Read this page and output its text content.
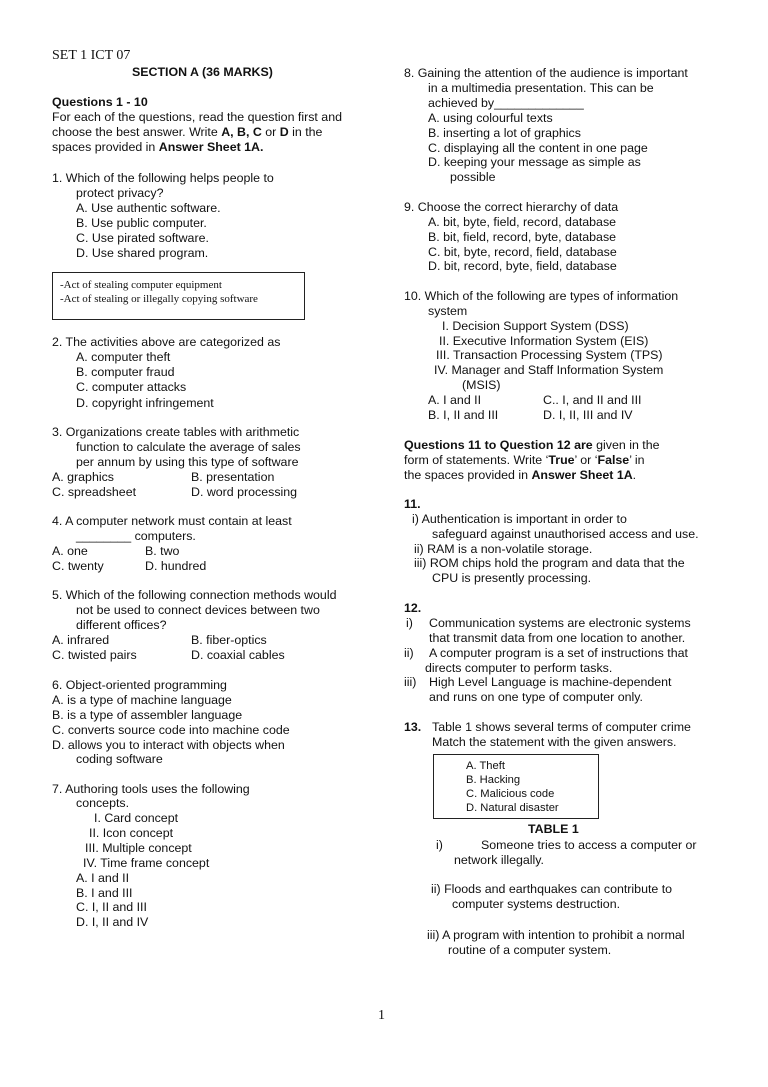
SET 1 ICT 07
SECTION A (36 MARKS)
Questions 1 - 10
For each of the questions, read the question first and
choose the best answer. Write A, B, C or D in the
spaces provided in Answer Sheet 1A.
1. Which of the following helps people to
protect privacy?
A. Use authentic software.
B. Use public computer.
C. Use pirated software.
D. Use shared program.
-Act of stealing computer equipment
-Act of stealing or illegally copying software
2. The activities above are categorized as
A. computer theft
B. computer fraud
C. computer attacks
D. copyright infringement
3. Organizations create tables with arithmetic
function to calculate the average of sales
per annum by using this type of software
A. graphics	B. presentation
C. spreadsheet	D. word processing
4. A computer network must contain at least
________ computers.
A. one	B. two
C. twenty	D. hundred
5. Which of the following connection methods would
not be used to connect devices between two
different offices?
A. infrared	B. fiber-optics
C. twisted pairs	D. coaxial cables
6. Object-oriented programming
A. is a type of machine language
B. is a type of assembler language
C. converts source code into machine code
D. allows you to interact with objects when
coding software
7. Authoring tools uses the following
concepts.
I. Card concept
II. Icon concept
III. Multiple concept
IV. Time frame concept
A. I and II
B. I and III
C. I, II and III
D. I, II and IV
8. Gaining the attention of the audience is important
in a multimedia presentation. This can be
achieved by_____________
A. using colourful texts
B. inserting a lot of graphics
C. displaying all the content in one page
D. keeping your message as simple as
possible
9. Choose the correct hierarchy of data
A. bit, byte, field, record, database
B. bit, field, record, byte, database
C. bit, byte, record, field, database
D. bit, record, byte, field, database
10. Which of the following are types of information
system
I. Decision Support System (DSS)
II. Executive Information System (EIS)
III. Transaction Processing System (TPS)
IV. Manager and Staff Information System
(MSIS)
A. I and II	C.. I, and II and III
B. I, II and III	D. I, II, III and IV
Questions 11 to Question 12 are given in the
form of statements. Write ‘True’ or ‘False’ in
the spaces provided in Answer Sheet 1A.
11.
i) Authentication is important in order to
safeguard against unauthorised access and use.
ii) RAM is a non-volatile storage.
iii) ROM chips hold the program and data that the
CPU is presently processing.
12.
i) Communication systems are electronic systems
that transmit data from one location to another.
ii) A computer program is a set of instructions that
directs computer to perform tasks.
iii) High Level Language is machine-dependent
and runs on one type of computer only.
13. Table 1 shows several terms of computer crime
Match the statement with the given answers.
A. Theft
B. Hacking
C. Malicious code
D. Natural disaster
TABLE 1
i)	Someone tries to access a computer or
network illegally.
ii) Floods and earthquakes can contribute to
computer systems destruction.
iii) A program with intention to prohibit a normal
routine of a computer system.
1
